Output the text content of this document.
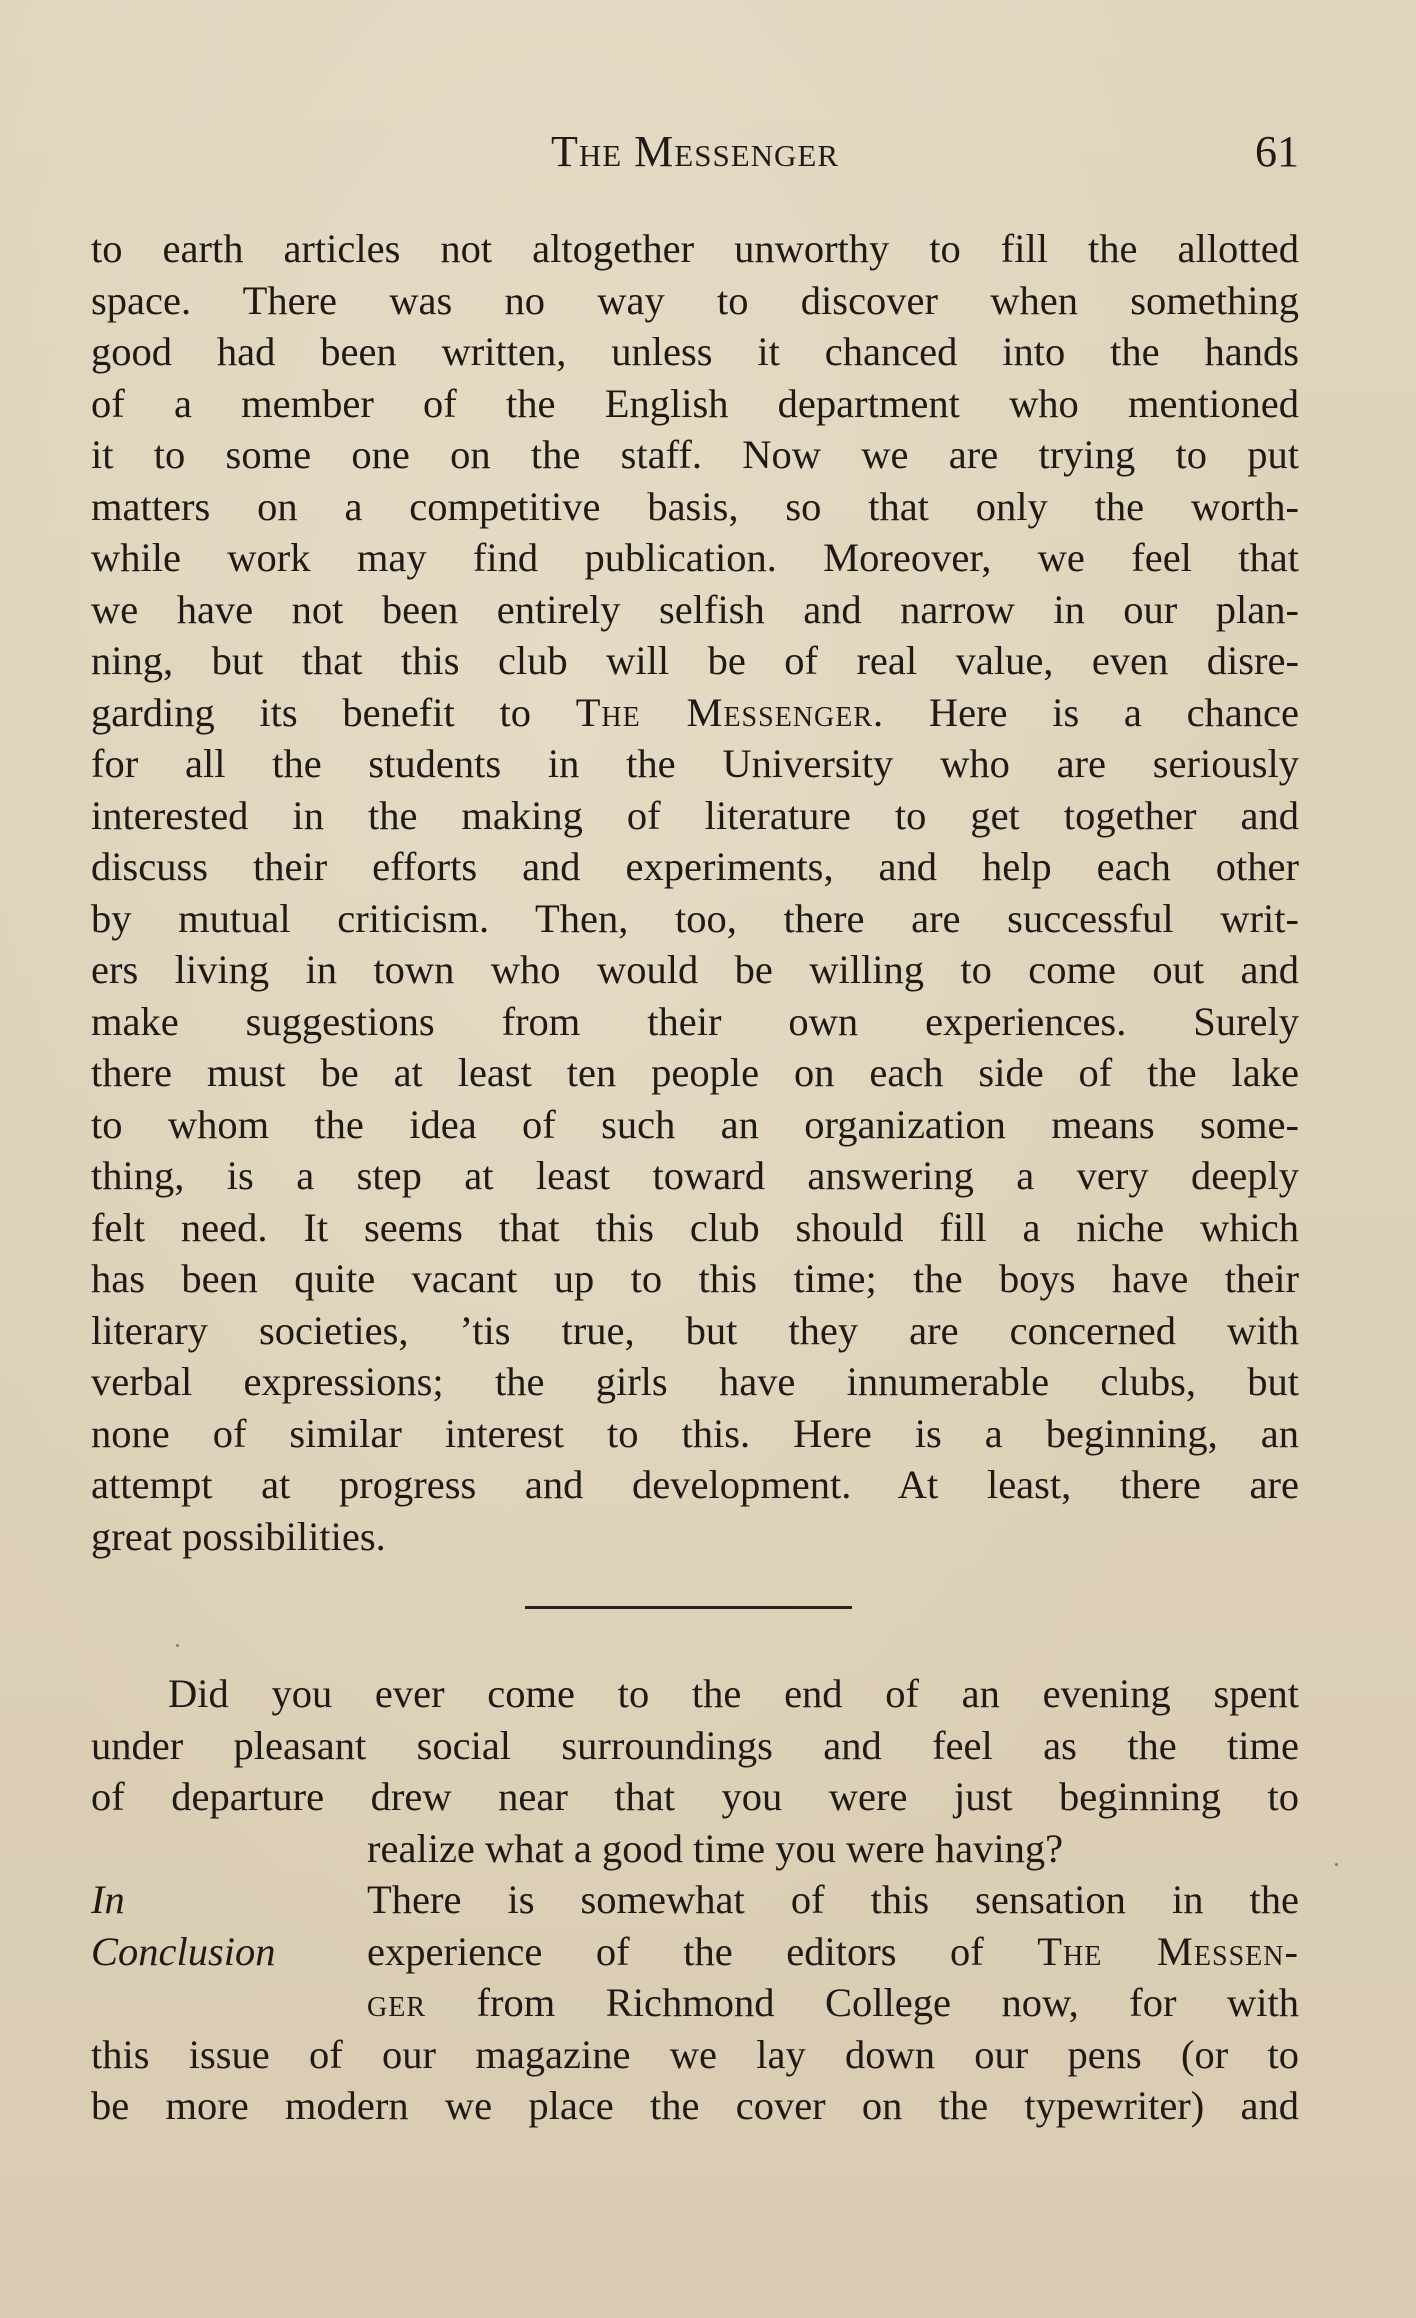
The Messenger	61
to earth articles not altogether unworthy to fill the allotted
space. There was no way to discover when something
good had been written, unless it chanced into the hands
of a member of the English department who mentioned
it to some one on the staff. Now we are trying to put
matters on a competitive basis, so that only the worth-
while work may find publication. Moreover, we feel that
we have not been entirely selfish and narrow in our plan-
ning, but that this club will be of real value, even disre-
garding its benefit to The Messenger. Here is a chance
for all the students in the University who are seriously
interested in the making of literature to get together and
discuss their efforts and experiments, and help each other
by mutual criticism. Then, too, there are successful writ-
ers living in town who would be willing to come out and
make suggestions from their own experiences. Surely
there must be at least ten people on each side of the lake
to whom the idea of such an organization means some-
thing, is a step at least toward answering a very deeply
felt need. It seems that this club should fill a niche which
has been quite vacant up to this time; the boys have their
literary societies, ’tis true, but they are concerned with
verbal expressions; the girls have innumerable clubs, but
none of similar interest to this. Here is a beginning, an
attempt at progress and development. At least, there are
great possibilities.
Did you ever come to the end of an evening spent
under pleasant social surroundings and feel as the time
of departure drew near that you were just beginning to
In
Conclusion
realize what a good time you were having?
There is somewhat of this sensation in the
experience of the editors of The Messen-
ger from Richmond College now, for with
this issue of our magazine we lay down our pens (or to
be more modern we place the cover on the typewriter) and
